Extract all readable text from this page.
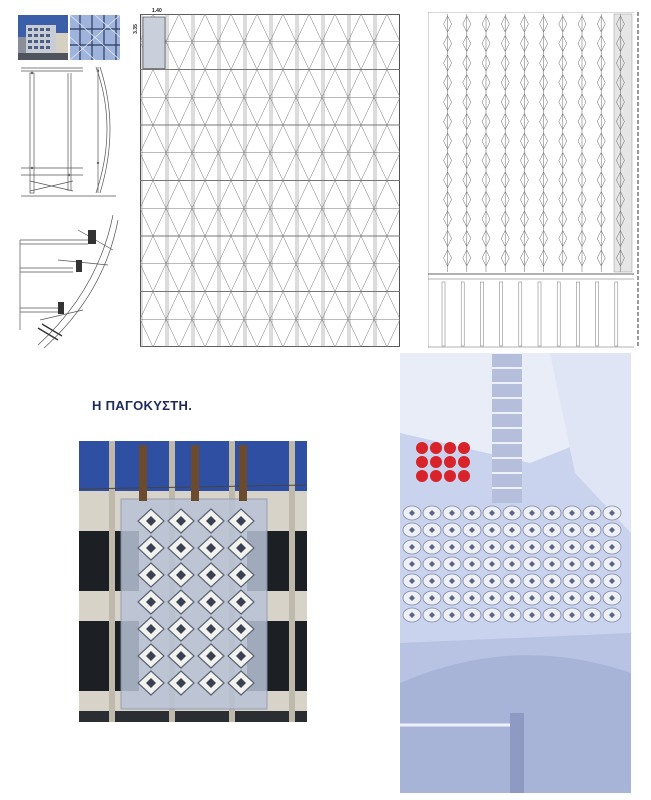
1.40
3.35
Η ΠΑΓΟΚΥΣΤΗ.
